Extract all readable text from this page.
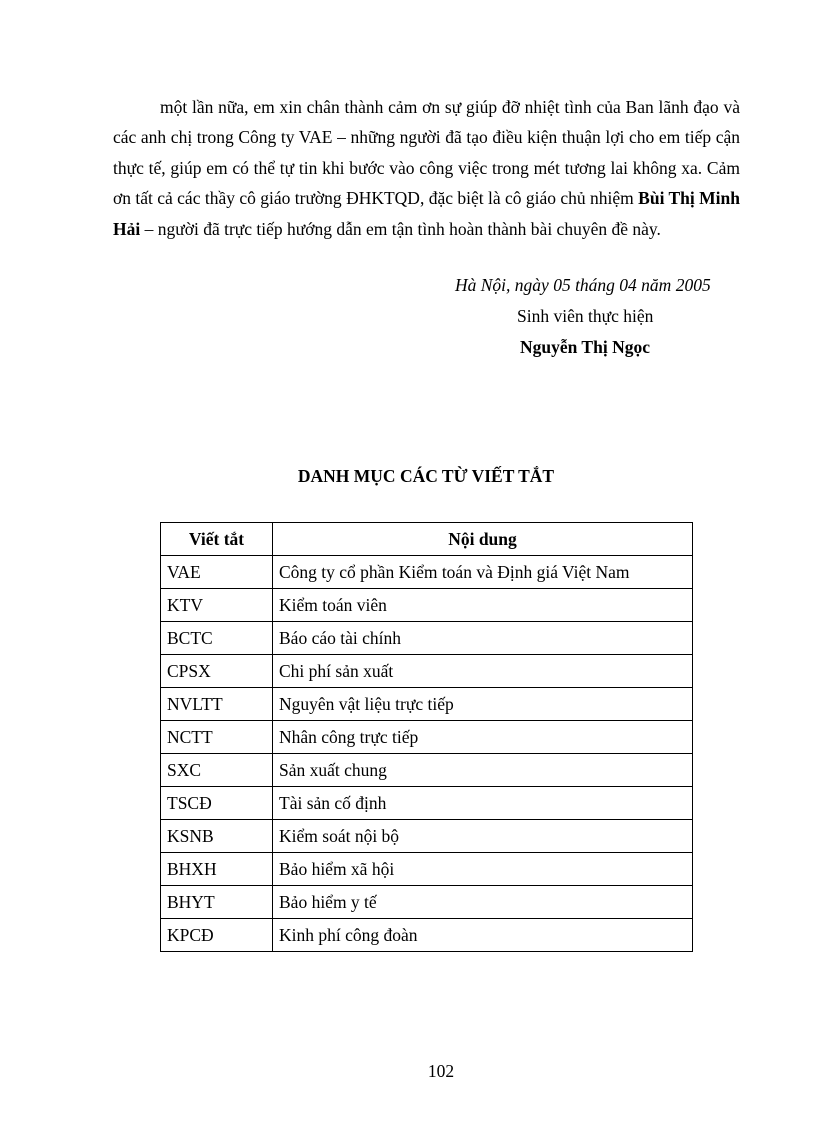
một lần nữa, em xin chân thành cảm ơn sự giúp đỡ nhiệt tình của Ban lãnh đạo và các anh chị trong Công ty VAE – những người đã tạo điều kiện thuận lợi cho em tiếp cận thực tế, giúp em có thể tự tin khi bước vào công việc trong mét tương lai không xa. Cảm ơn tất cả các thầy cô giáo trường ĐHKTQD, đặc biệt là cô giáo chủ nhiệm Bùi Thị Minh Hải – người đã trực tiếp hướng dẫn em tận tình hoàn thành bài chuyên đề này.

Hà Nội, ngày 05 tháng 04 năm 2005
Sinh viên thực hiện
Nguyễn Thị Ngọc
DANH MỤC CÁC TỪ VIẾT TẮT
Viết tắt	Nội dung
VAE	Công ty cổ phần Kiểm toán và Định giá Việt Nam
KTV	Kiểm toán viên
BCTC	Báo cáo tài chính
CPSX	Chi phí sản xuất
NVLTT	Nguyên vật liệu trực tiếp
NCTT	Nhân công trực tiếp
SXC	Sản xuất chung
TSCĐ	Tài sản cố định
KSNB	Kiểm soát nội bộ
BHXH	Bảo hiểm xã hội
BHYT	Bảo hiểm y tế
KPCĐ	Kinh phí công đoàn
102
